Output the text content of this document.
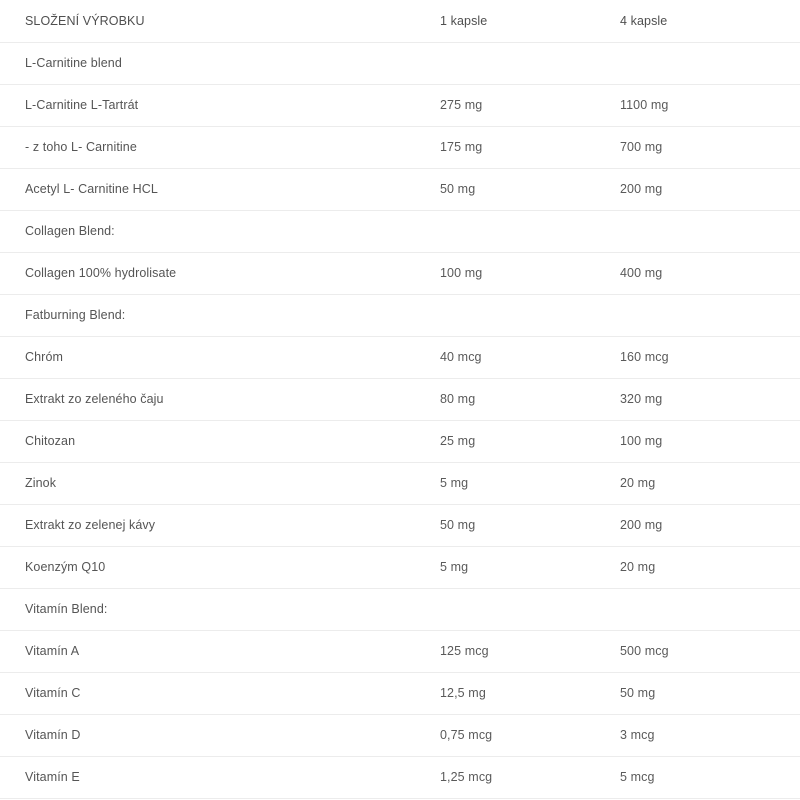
SLOŽENÍ VÝROBKU	1 kapsle	4 kapsle
L-Carnitine blend		
L-Carnitine L-Tartrát	275 mg	1100 mg
- z toho L- Carnitine	175 mg	700 mg
Acetyl L- Carnitine HCL	50 mg	200 mg
Collagen Blend:		
Collagen 100% hydrolisate	100 mg	400 mg
Fatburning Blend:		
Chróm	40 mcg	160 mcg
Extrakt zo zeleného čaju	80 mg	320 mg
Chitozan	25 mg	100 mg
Zinok	5 mg	20 mg
Extrakt zo zelenej kávy	50 mg	200 mg
Koenzým Q10	5 mg	20 mg
Vitamín Blend:		
Vitamín A	125 mcg	500 mcg
Vitamín C	12,5 mg	50 mg
Vitamín D	0,75 mcg	3 mcg
Vitamín E	1,25 mcg	5 mcg
